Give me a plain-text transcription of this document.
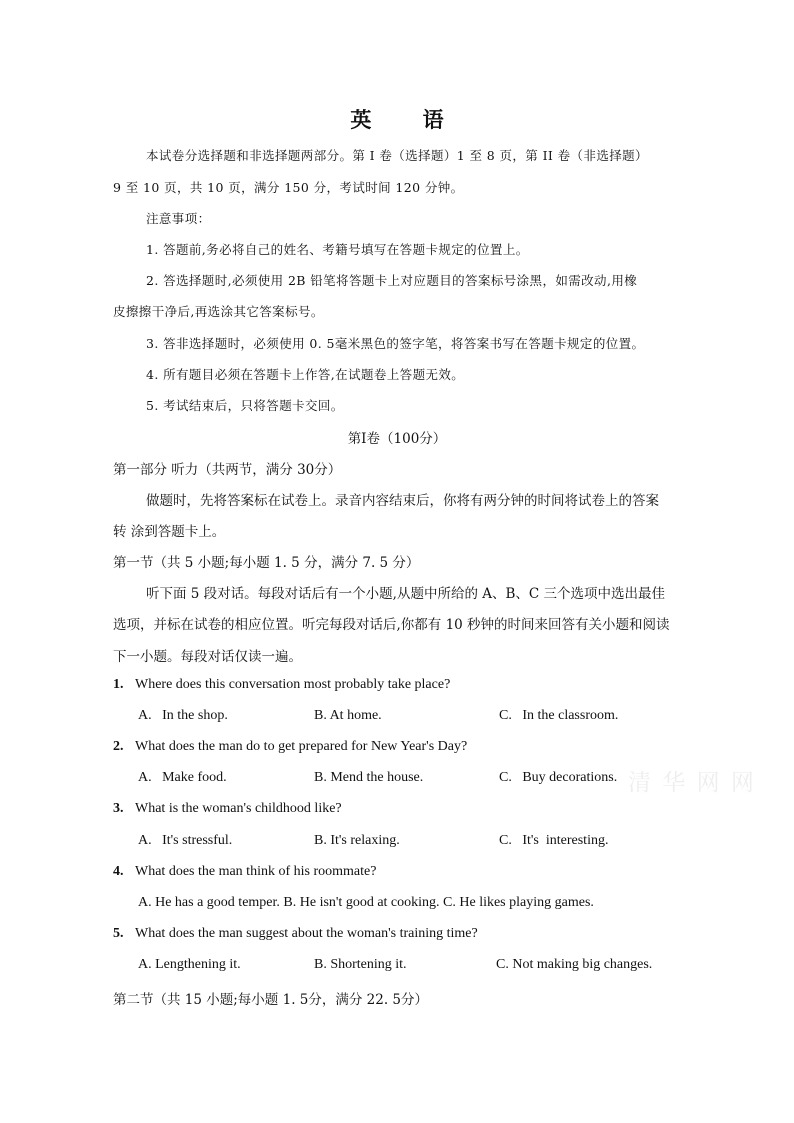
英 语
本试卷分选择题和非选择题两部分。第 I 卷（选择题）1 至 8 页，第 II 卷（非选择题）
9 至 10 页，共 10 页，满分 150 分，考试时间 120 分钟。
注意事项：
1. 答题前,务必将自己的姓名、考籍号填写在答题卡规定的位置上。
2. 答选择题时,必须使用 2B 铅笔将答题卡上对应题目的答案标号涂黑，如需改动,用橡
皮擦擦干净后,再选涂其它答案标号。
3. 答非选择题时，必须使用 0. 5毫米黑色的签字笔，将答案书写在答题卡规定的位置。
4. 所有题目必须在答题卡上作答,在试题卷上答题无效。
5. 考试结束后，只将答题卡交回。
第I卷（100分）
第一部分 听力（共两节，满分 30分）
做题时，先将答案标在试卷上。录音内容结束后，你将有两分钟的时间将试卷上的答案
转 涂到答题卡上。
第一节（共 5 小题;每小题 1. 5 分，满分 7. 5 分）
听下面 5 段对话。每段对话后有一个小题,从题中所给的 A、B、C 三个选项中选出最佳
选项，并标在试卷的相应位置。听完每段对话后,你都有 10 秒钟的时间来回答有关小题和阅读
下一小题。每段对话仅读一遍。
1. Where does this conversation most probably take place?
A.   In the shop.	B. At home.	C.   In the classroom.
2. What does the man do to get prepared for New Year's Day?
A.   Make food.	B. Mend the house.	C.   Buy decorations.
3. What is the woman's childhood like?
A.   It's stressful.	B. It's relaxing.	C.   It's  interesting.
4. What does the man think of his roommate?
A. He has a good temper. B. He isn't good at cooking. C. He likes playing games.
5. What does the man suggest about the woman's training time?
A. Lengthening it.	B. Shortening it.	C. Not making big changes.
第二节（共 15 小题;每小题 1. 5分，满分 22. 5分）
清 华 网 网
